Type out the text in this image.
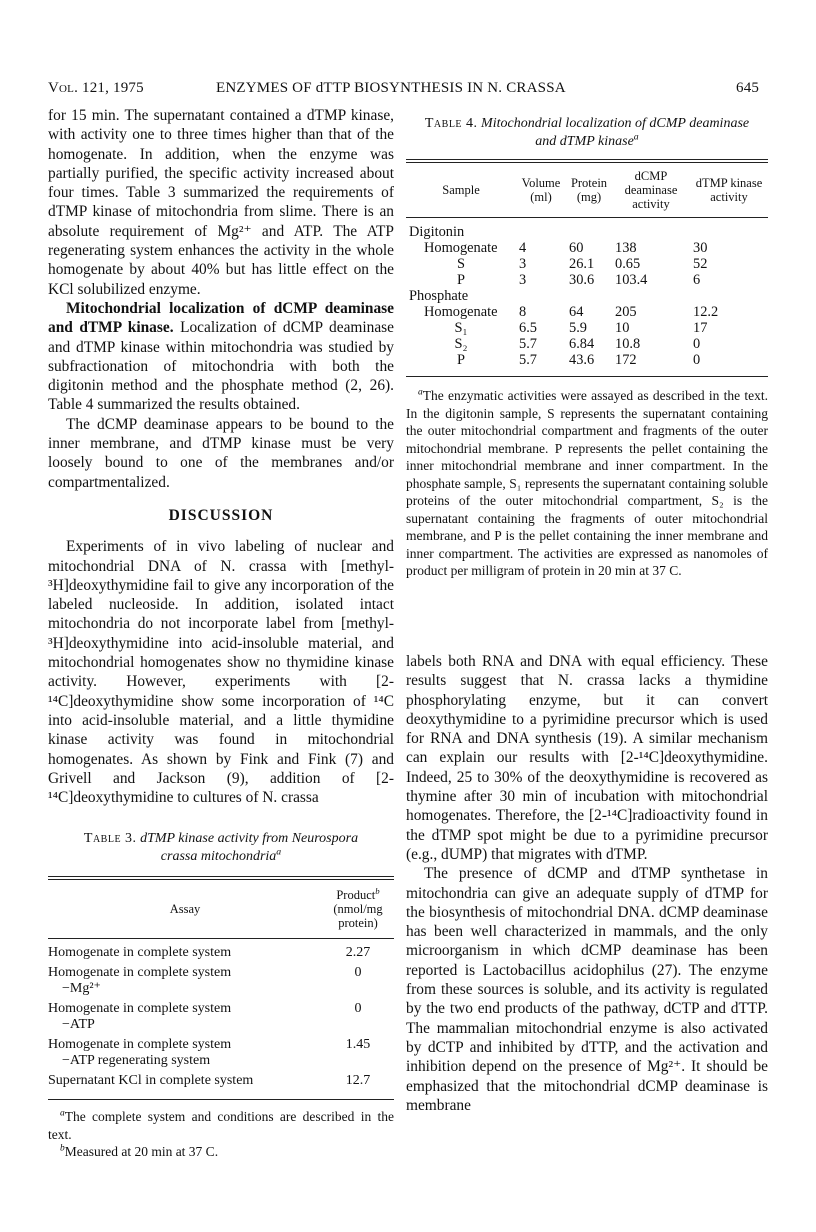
Vol. 121, 1975	ENZYMES OF dTTP BIOSYNTHESIS IN N. CRASSA	645

for 15 min. The supernatant contained a dTMP kinase, with activity one to three times higher than that of the homogenate. In addition, when the enzyme was partially purified, the specific activity increased about four times. Table 3 summarized the requirements of dTMP kinase of mitochondria from slime. There is an absolute requirement of Mg²⁺ and ATP. The ATP regenerating system enhances the activity in the whole homogenate by about 40% but has little effect on the KCl solubilized enzyme.

Mitochondrial localization of dCMP deaminase and dTMP kinase. Localization of dCMP deaminase and dTMP kinase within mitochondria was studied by subfractionation of mitochondria with both the digitonin method and the phosphate method (2, 26). Table 4 summarized the results obtained.

The dCMP deaminase appears to be bound to the inner membrane, and dTMP kinase must be very loosely bound to one of the membranes and/or compartmentalized.

DISCUSSION

Experiments of in vivo labeling of nuclear and mitochondrial DNA of N. crassa with [methyl-³H]deoxythymidine fail to give any incorporation of the labeled nucleoside. In addition, isolated intact mitochondria do not incorporate label from [methyl-³H]deoxythymidine into acid-insoluble material, and mitochondrial homogenates show no thymidine kinase activity. However, experiments with [2-¹⁴C]deoxythymidine show some incorporation of ¹⁴C into acid-insoluble material, and a little thymidine kinase activity was found in mitochondrial homogenates. As shown by Fink and Fink (7) and Grivell and Jackson (9), addition of [2-¹⁴C]deoxythymidine to cultures of N. crassa

Table 3. dTMP kinase activity from Neurospora crassa mitochondria$^a$
Assay
Product$^b$
(nmol/mg
protein)
Homogenate in complete system	2.27
Homogenate in complete system
−Mg²⁺	0
Homogenate in complete system
−ATP	0
Homogenate in complete system
−ATP regenerating system	1.45
Supernatant KCl in complete system	12.7

$^a$The complete system and conditions are described in the text.

$^b$Measured at 20 min at 37 C.

Table 4. Mitochondrial localization of dCMP deaminase and dTMP kinase$^a$
Sample	Volume (ml)	Protein (mg)	dCMP deaminase activity	dTMP kinase activity

Digitonin				
Homogenate	4	60	138	30
S	3	26.1	0.65	52
P	3	30.6	103.4	6
Phosphate				
Homogenate	8	64	205	12.2
S₁	6.5	5.9	10	17
S₂	5.7	6.84	10.8	0
P	5.7	43.6	172	0

$^a$The enzymatic activities were assayed as described in the text. In the digitonin sample, S represents the supernatant containing the outer mitochondrial compartment and fragments of the outer mitochondrial membrane. P represents the pellet containing the inner mitochondrial membrane and inner compartment. In the phosphate sample, S₁ represents the supernatant containing soluble proteins of the outer mitochondrial compartment, S₂ is the supernatant containing the fragments of outer mitochondrial membrane, and P is the pellet containing the inner membrane and inner compartment. The activities are expressed as nanomoles of product per milligram of protein in 20 min at 37 C.

labels both RNA and DNA with equal efficiency. These results suggest that N. crassa lacks a thymidine phosphorylating enzyme, but it can convert deoxythymidine to a pyrimidine precursor which is used for RNA and DNA synthesis (19). A similar mechanism can explain our results with [2-¹⁴C]deoxythymidine. Indeed, 25 to 30% of the deoxythymidine is recovered as thymine after 30 min of incubation with mitochondrial homogenates. Therefore, the [2-¹⁴C]radioactivity found in the dTMP spot might be due to a pyrimidine precursor (e.g., dUMP) that migrates with dTMP.

The presence of dCMP and dTMP synthetase in mitochondria can give an adequate supply of dTMP for the biosynthesis of mitochondrial DNA. dCMP deaminase has been well characterized in mammals, and the only microorganism in which dCMP deaminase has been reported is Lactobacillus acidophilus (27). The enzyme from these sources is soluble, and its activity is regulated by the two end products of the pathway, dCTP and dTTP. The mammalian mitochondrial enzyme is also activated by dCTP and inhibited by dTTP, and the activation and inhibition depend on the presence of Mg²⁺. It should be emphasized that the mitochondrial dCMP deaminase is membrane
